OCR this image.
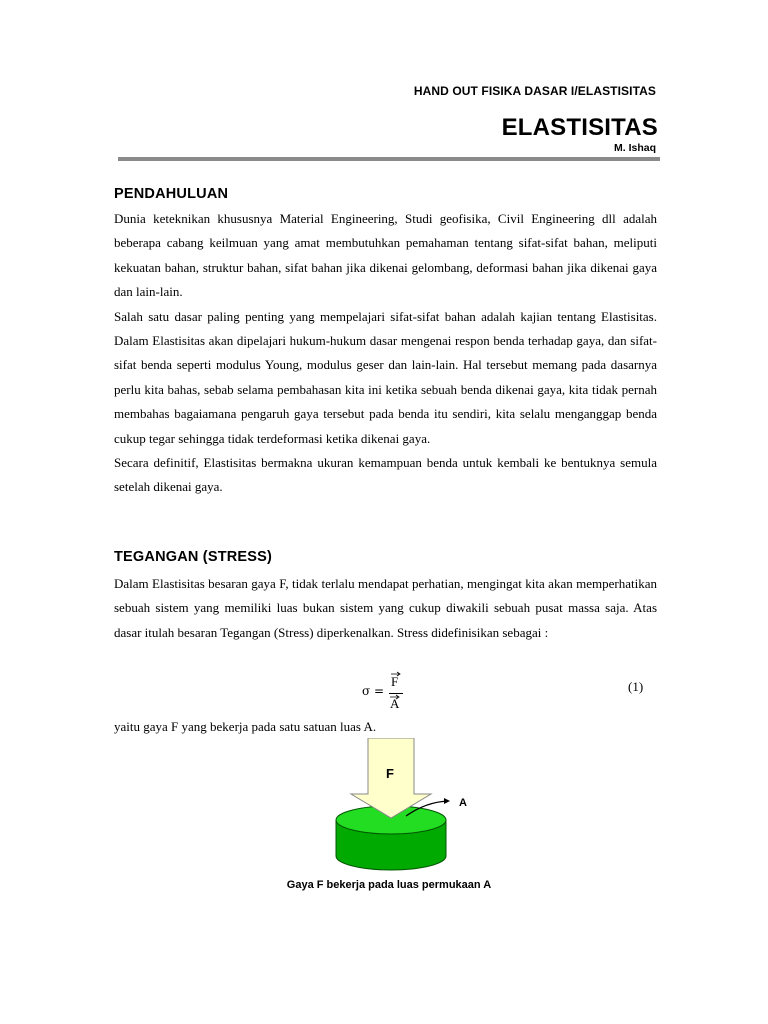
HAND OUT FISIKA DASAR I/ELASTISITAS
ELASTISITAS
M. Ishaq
PENDAHULUAN

Dunia keteknikan khususnya Material Engineering, Studi geofisika, Civil Engineering dll adalah beberapa cabang keilmuan yang amat membutuhkan pemahaman tentang sifat-sifat bahan, meliputi kekuatan bahan, struktur bahan, sifat bahan jika dikenai gelombang, deformasi bahan jika dikenai gaya dan lain-lain.

Salah satu dasar paling penting yang mempelajari sifat-sifat bahan adalah kajian tentang Elastisitas. Dalam Elastisitas akan dipelajari hukum-hukum dasar mengenai respon benda terhadap gaya, dan sifat-sifat benda seperti modulus Young, modulus geser dan lain-lain. Hal tersebut memang pada dasarnya perlu kita bahas, sebab selama pembahasan kita ini ketika sebuah benda dikenai gaya, kita tidak pernah membahas bagaiamana pengaruh gaya tersebut pada benda itu sendiri, kita selalu menganggap benda cukup tegar sehingga tidak terdeformasi ketika dikenai gaya.

Secara definitif, Elastisitas bermakna ukuran kemampuan benda untuk kembali ke bentuknya semula setelah dikenai gaya.

TEGANGAN (STRESS)

Dalam Elastisitas besaran gaya F, tidak terlalu mendapat perhatian, mengingat kita akan memperhatikan sebuah sistem yang memiliki luas bukan sistem yang cukup diwakili sebuah pusat massa saja. Atas dasar itulah besaran Tegangan (Stress) diperkenalkan. Stress didefinisikan sebagai :

σ =
F
A
(1)
yaitu gaya F yang bekerja pada satu satuan luas A.
F
A
Gaya F bekerja pada luas permukaan A
